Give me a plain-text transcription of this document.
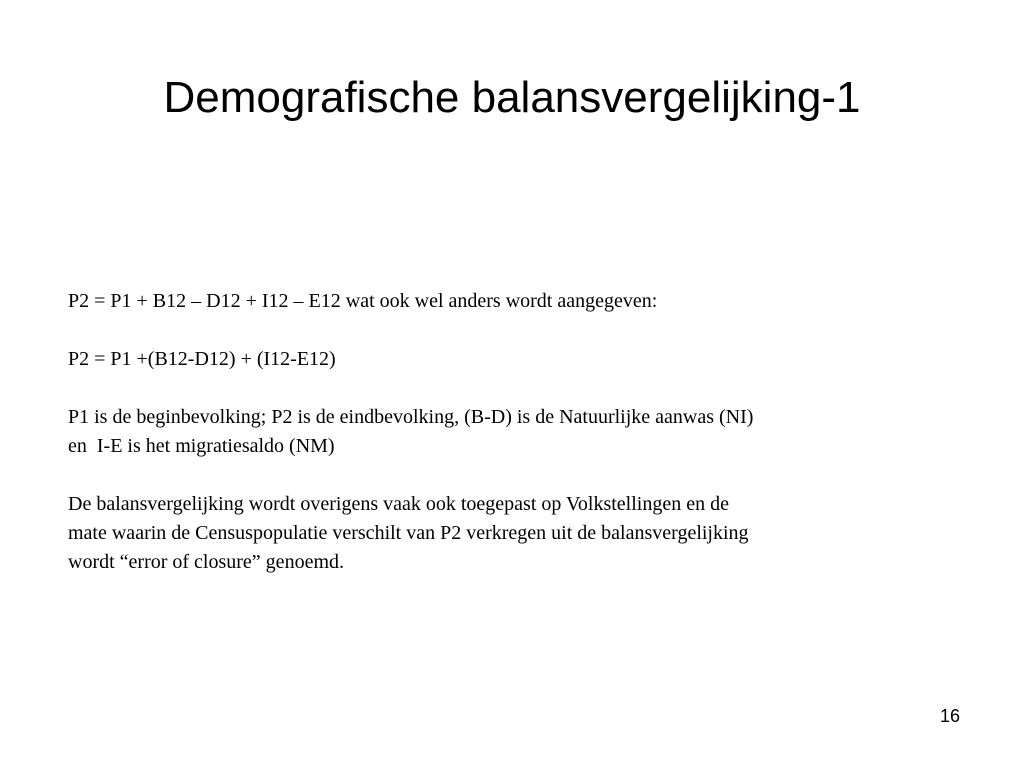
Demografische balansvergelijking-1

P2 = P1 + B12 – D12 + I12 – E12 wat ook wel anders wordt aangegeven:

P2 = P1 +(B12-D12) + (I12-E12)

P1 is de beginbevolking; P2 is de eindbevolking, (B-D) is de Natuurlijke aanwas (NI)
en  I-E is het migratiesaldo (NM)

De balansvergelijking wordt overigens vaak ook toegepast op Volkstellingen en de
mate waarin de Censuspopulatie verschilt van P2 verkregen uit de balansvergelijking
wordt “error of closure” genoemd.

16
